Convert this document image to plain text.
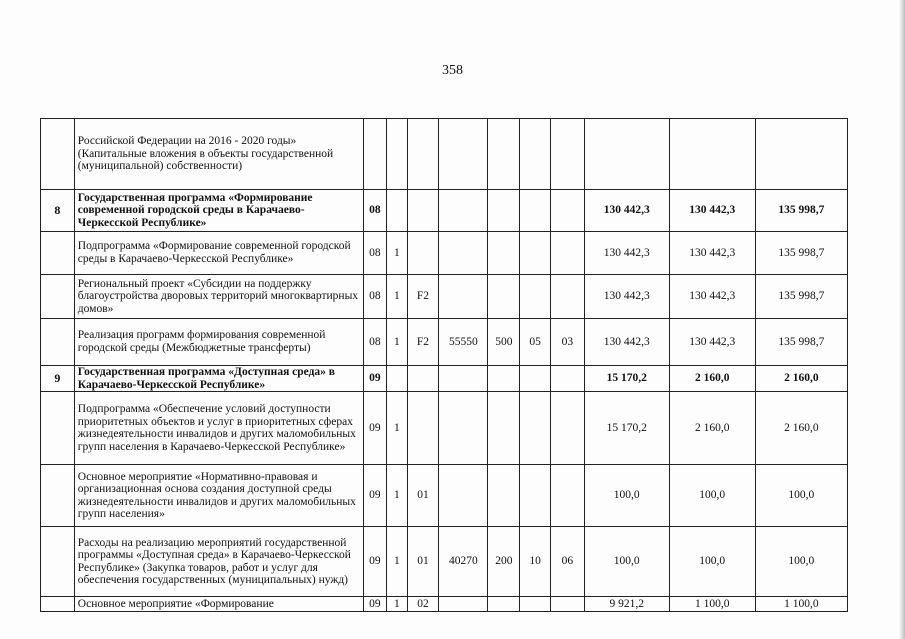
358

	Российской Федерации на 2016 - 2020 годы» (Капитальные вложения в объекты государственной (муниципальной) собственности)										

8	Государственная программа «Формирование современной городской среды в Карачаево-Черкесской Республике»	08							130 442,3	130 442,3	135 998,7

	Подпрограмма «Формирование современной городской среды в Карачаево-Черкесской Республике»	08	1						130 442,3	130 442,3	135 998,7

	Региональный проект «Субсидии на поддержку благоустройства дворовых территорий многоквартирных домов»	08	1	F2					130 442,3	130 442,3	135 998,7

	Реализация программ формирования современной городской среды (Межбюджетные трансферты)	08	1	F2	55550	500	05	03	130 442,3	130 442,3	135 998,7

9	Государственная программа «Доступная среда» в Карачаево-Черкесской Республике»	09							15 170,2	2 160,0	2 160,0

	Подпрограмма «Обеспечение условий доступности приоритетных объектов и услуг в приоритетных сферах жизнедеятельности инвалидов и других маломобильных групп населения в Карачаево-Черкесской Республике»	09	1						15 170,2	2 160,0	2 160,0

	Основное мероприятие «Нормативно-правовая и организационная основа создания доступной среды жизнедеятельности инвалидов и других маломобильных групп населения»	09	1	01					100,0	100,0	100,0

	Расходы на реализацию мероприятий государственной программы «Доступная среда» в Карачаево-Черкесской Республике» (Закупка товаров, работ и услуг для обеспечения государственных (муниципальных) нужд)	09	1	01	40270	200	10	06	100,0	100,0	100,0

	Основное мероприятие «Формирование	09	1	02					9 921,2	1 100,0	1 100,0
